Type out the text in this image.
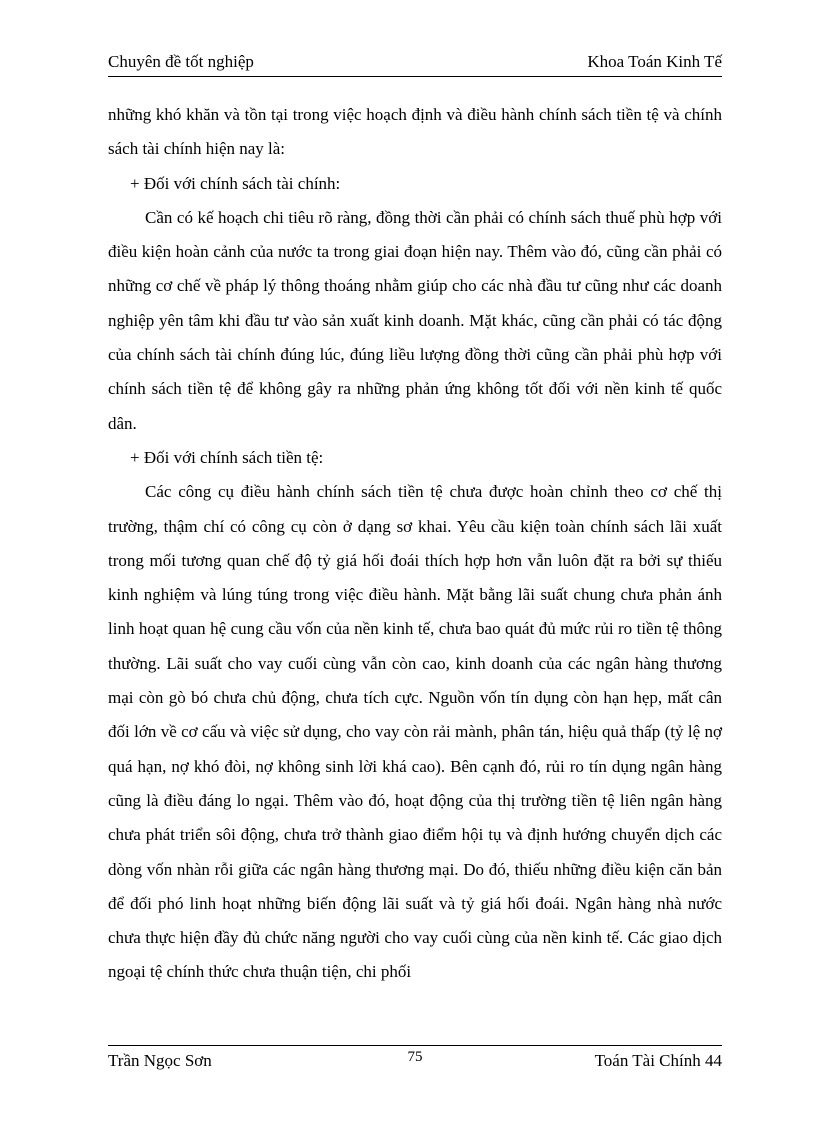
Chuyên đề tốt nghiệp	Khoa Toán Kinh Tế

những khó khăn và tồn tại trong việc hoạch định và điều hành chính sách tiền tệ và chính sách tài chính hiện nay là:

+ Đối với chính sách tài chính:

Cần có kế hoạch chi tiêu rõ ràng, đồng thời cần phải có chính sách thuế phù hợp với điều kiện hoàn cảnh của nước ta trong giai đoạn hiện nay. Thêm vào đó, cũng cần phải có những cơ chế về pháp lý thông thoáng nhằm giúp cho các nhà đầu tư cũng như các doanh nghiệp yên tâm khi đầu tư vào sản xuất kinh doanh. Mặt khác, cũng cần phải có tác động của chính sách tài chính đúng lúc, đúng liều lượng đồng thời cũng cần phải phù hợp với chính sách tiền tệ để không gây ra những phản ứng không tốt đối với nền kinh tế quốc dân.

+ Đối với chính sách tiền tệ:

Các công cụ điều hành chính sách tiền tệ chưa được hoàn chỉnh theo cơ chế thị trường, thậm chí có công cụ còn ở dạng sơ khai. Yêu cầu kiện toàn chính sách lãi xuất trong mối tương quan chế độ tỷ giá hối đoái thích hợp hơn vẫn luôn đặt ra bởi sự thiếu kinh nghiệm và lúng túng trong việc điều hành. Mặt bằng lãi suất chung chưa phản ánh linh hoạt quan hệ cung cầu vốn của nền kinh tế, chưa bao quát đủ mức rủi ro tiền tệ thông thường. Lãi suất cho vay cuối cùng vẫn còn cao, kinh doanh của các ngân hàng thương mại còn gò bó chưa chủ động, chưa tích cực. Nguồn vốn tín dụng còn hạn hẹp, mất cân đối lớn về cơ cấu và việc sử dụng, cho vay còn rải mành, phân tán, hiệu quả thấp (tỷ lệ nợ quá hạn, nợ khó đòi, nợ không sinh lời khá cao). Bên cạnh đó, rủi ro tín dụng ngân hàng cũng là điều đáng lo ngại. Thêm vào đó, hoạt động của thị trường tiền tệ liên ngân hàng chưa phát triển sôi động, chưa trở thành giao điểm hội tụ và định hướng chuyển dịch các dòng vốn nhàn rỗi giữa các ngân hàng thương mại. Do đó, thiếu những điều kiện căn bản để đối phó linh hoạt những biến động lãi suất và tỷ giá hối đoái. Ngân hàng nhà nước chưa thực hiện đầy đủ chức năng người cho vay cuối cùng của nền kinh tế. Các giao dịch ngoại tệ chính thức chưa thuận tiện, chi phối

Trần Ngọc Sơn	75	Toán Tài Chính 44
